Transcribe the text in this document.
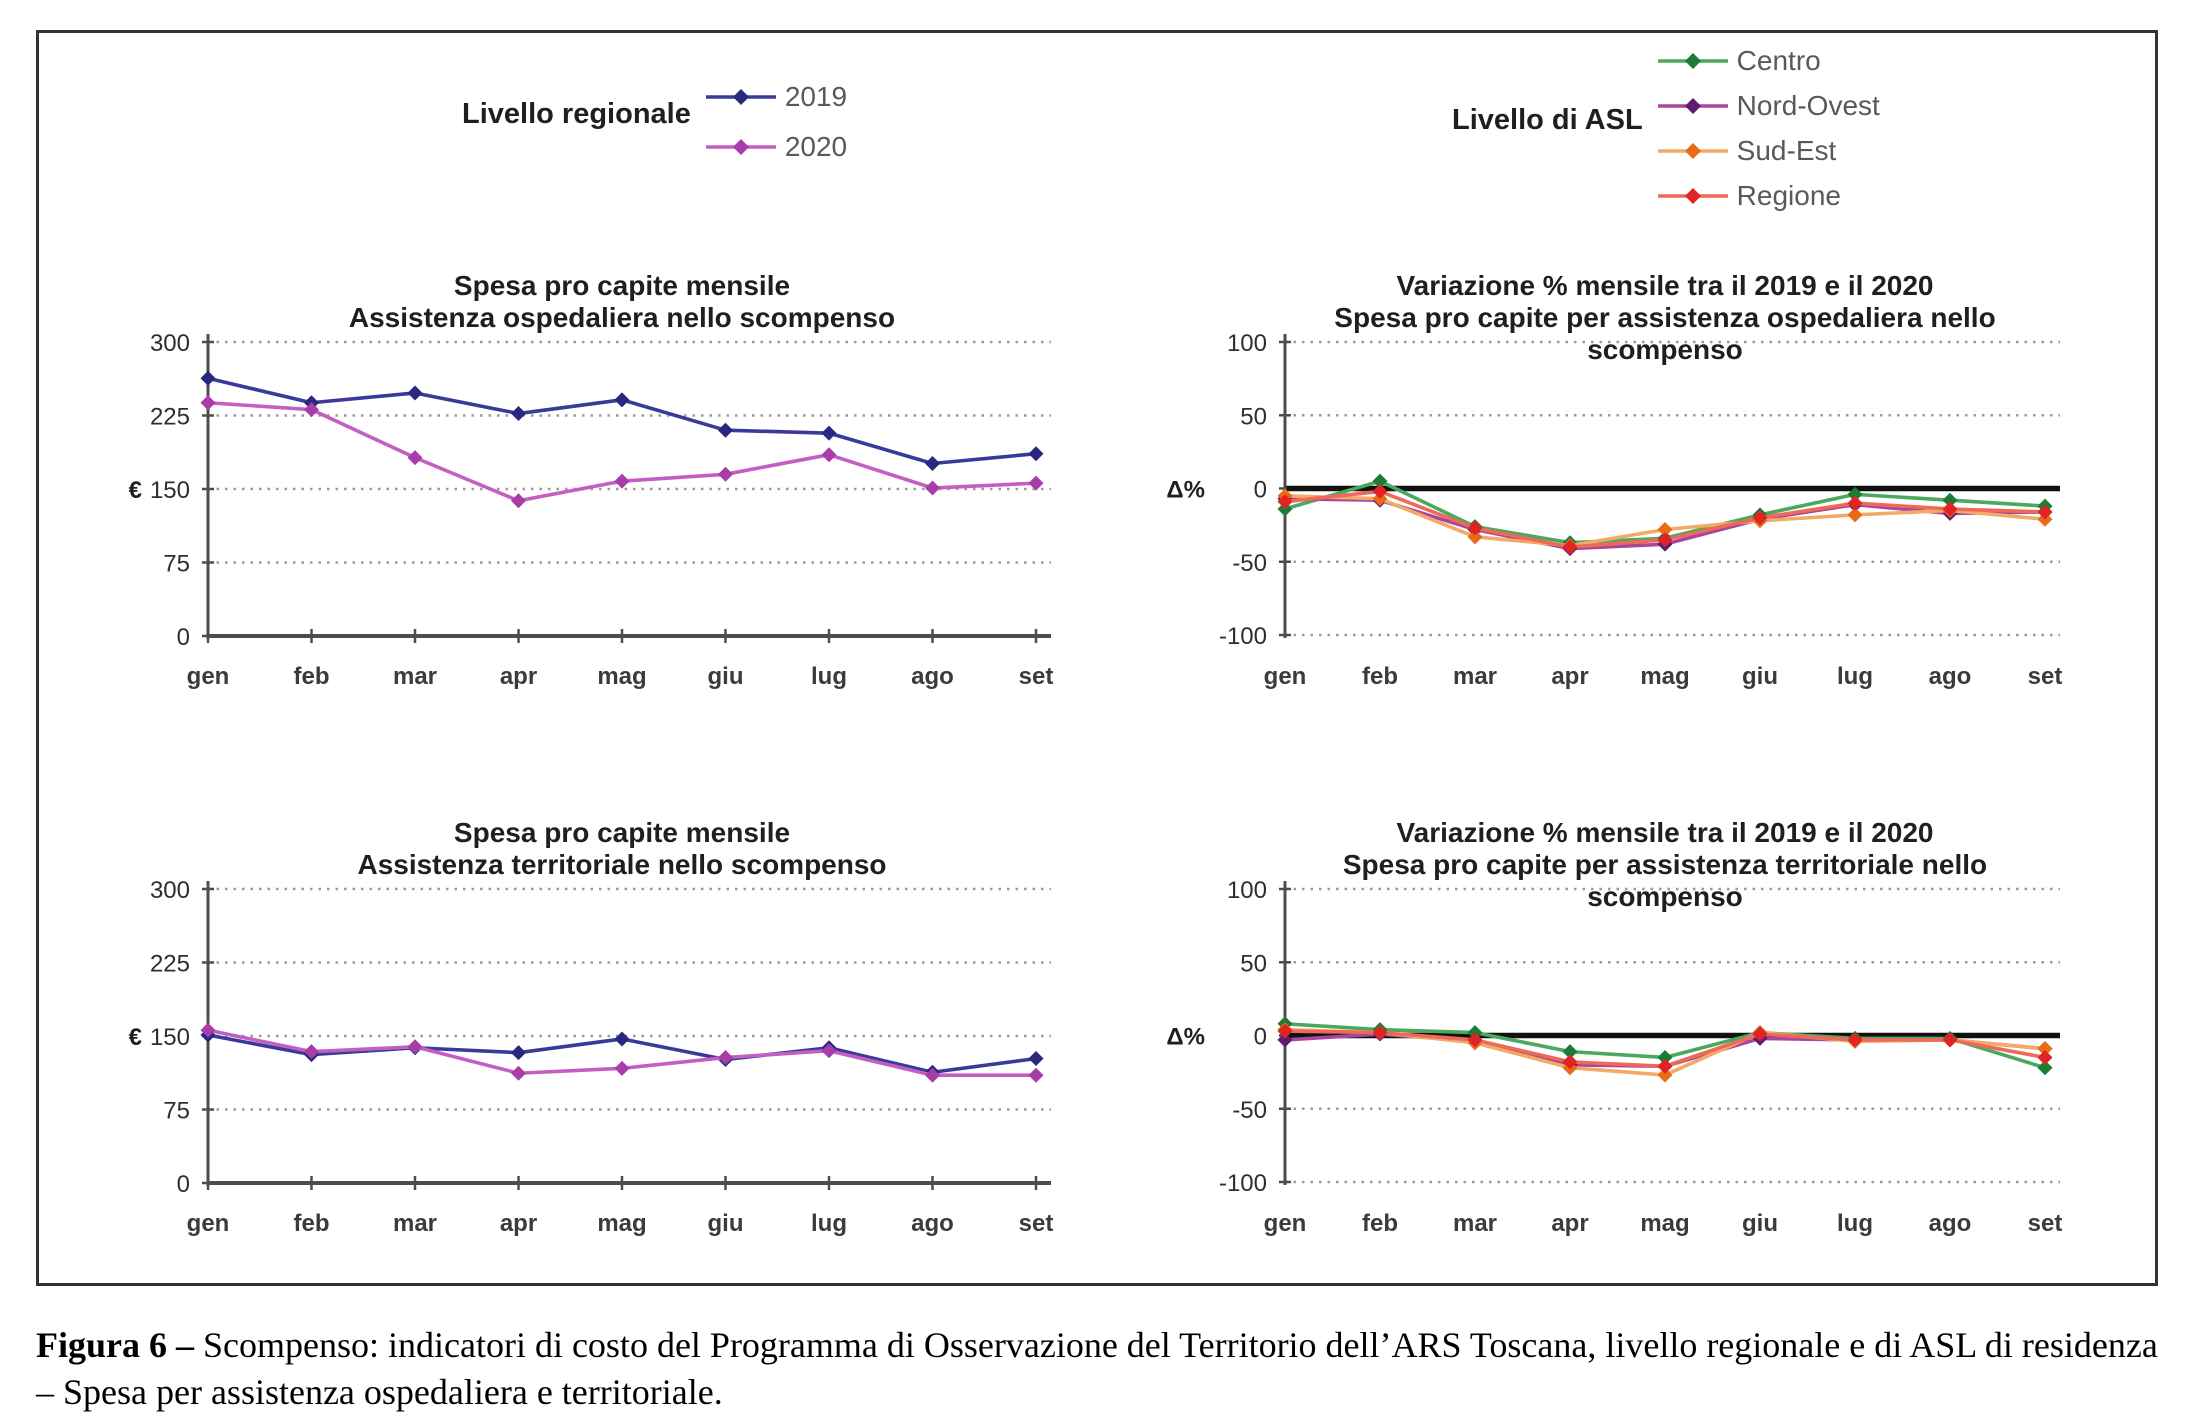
Livello regionale
2019
2020
Livello di ASL
Centro
Nord-Ovest
Sud-Est
Regione
Spesa pro capite mensile
Assistenza ospedaliera nello scompenso
0
75
150
€
225
300
gen	feb	mar	apr	mag	giu	lug	ago	set
Variazione % mensile tra il 2019 e il 2020
Spesa pro capite per assistenza ospedaliera nello scompenso
-100
-50
0
Δ%
50
100
gen feb mar apr mag giu lug ago set
Spesa pro capite mensile
Assistenza territoriale nello scompenso
0
75
150
€
225
300
gen	feb	mar	apr	mag	giu	lug	ago	set
Variazione % mensile tra il 2019 e il 2020
Spesa pro capite per assistenza territoriale nello scompenso
-100
-50
0
Δ%
50
100
gen feb mar apr mag giu lug ago set
Figura 6 – Scompenso: indicatori di costo del Programma di Osservazione del Territorio dell’ARS Toscana, livello regionale e di ASL di residenza – Spesa per assistenza ospedaliera e territoriale.
